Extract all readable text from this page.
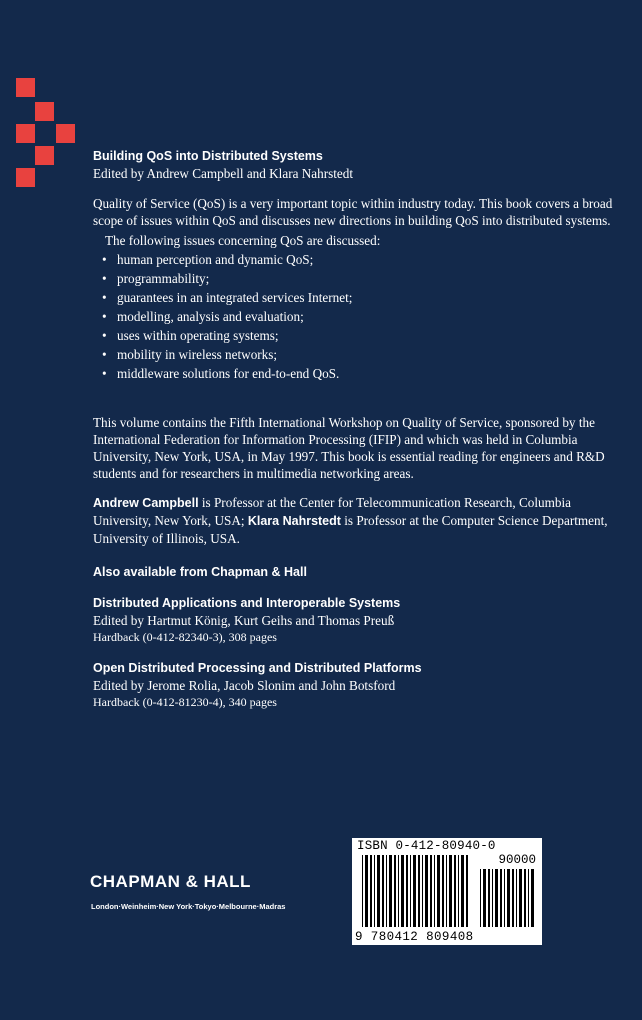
Building QoS into Distributed Systems
Edited by Andrew Campbell and Klara Nahrstedt
Quality of Service (QoS) is a very important topic within industry today. This book covers a broad scope of issues within QoS and discusses new directions in building QoS into distributed systems.
The following issues concerning QoS are discussed:
• human perception and dynamic QoS;
• programmability;
• guarantees in an integrated services Internet;
• modelling, analysis and evaluation;
• uses within operating systems;
• mobility in wireless networks;
• middleware solutions for end-to-end QoS.
This volume contains the Fifth International Workshop on Quality of Service, sponsored by the International Federation for Information Processing (IFIP) and which was held in Columbia University, New York, USA, in May 1997. This book is essential reading for engineers and R&D students and for researchers in multimedia networking areas.
Andrew Campbell is Professor at the Center for Telecommunication Research, Columbia University, New York, USA; Klara Nahrstedt is Professor at the Computer Science Department, University of Illinois, USA.
Also available from Chapman & Hall
Distributed Applications and Interoperable Systems
Edited by Hartmut König, Kurt Geihs and Thomas Preuß
Hardback (0-412-82340-3), 308 pages
Open Distributed Processing and Distributed Platforms
Edited by Jerome Rolia, Jacob Slonim and John Botsford
Hardback (0-412-81230-4), 340 pages
CHAPMAN & HALL
London·Weinheim·New York·Tokyo·Melbourne·Madras
ISBN 0-412-80940-0
90000
9 780412 809408
